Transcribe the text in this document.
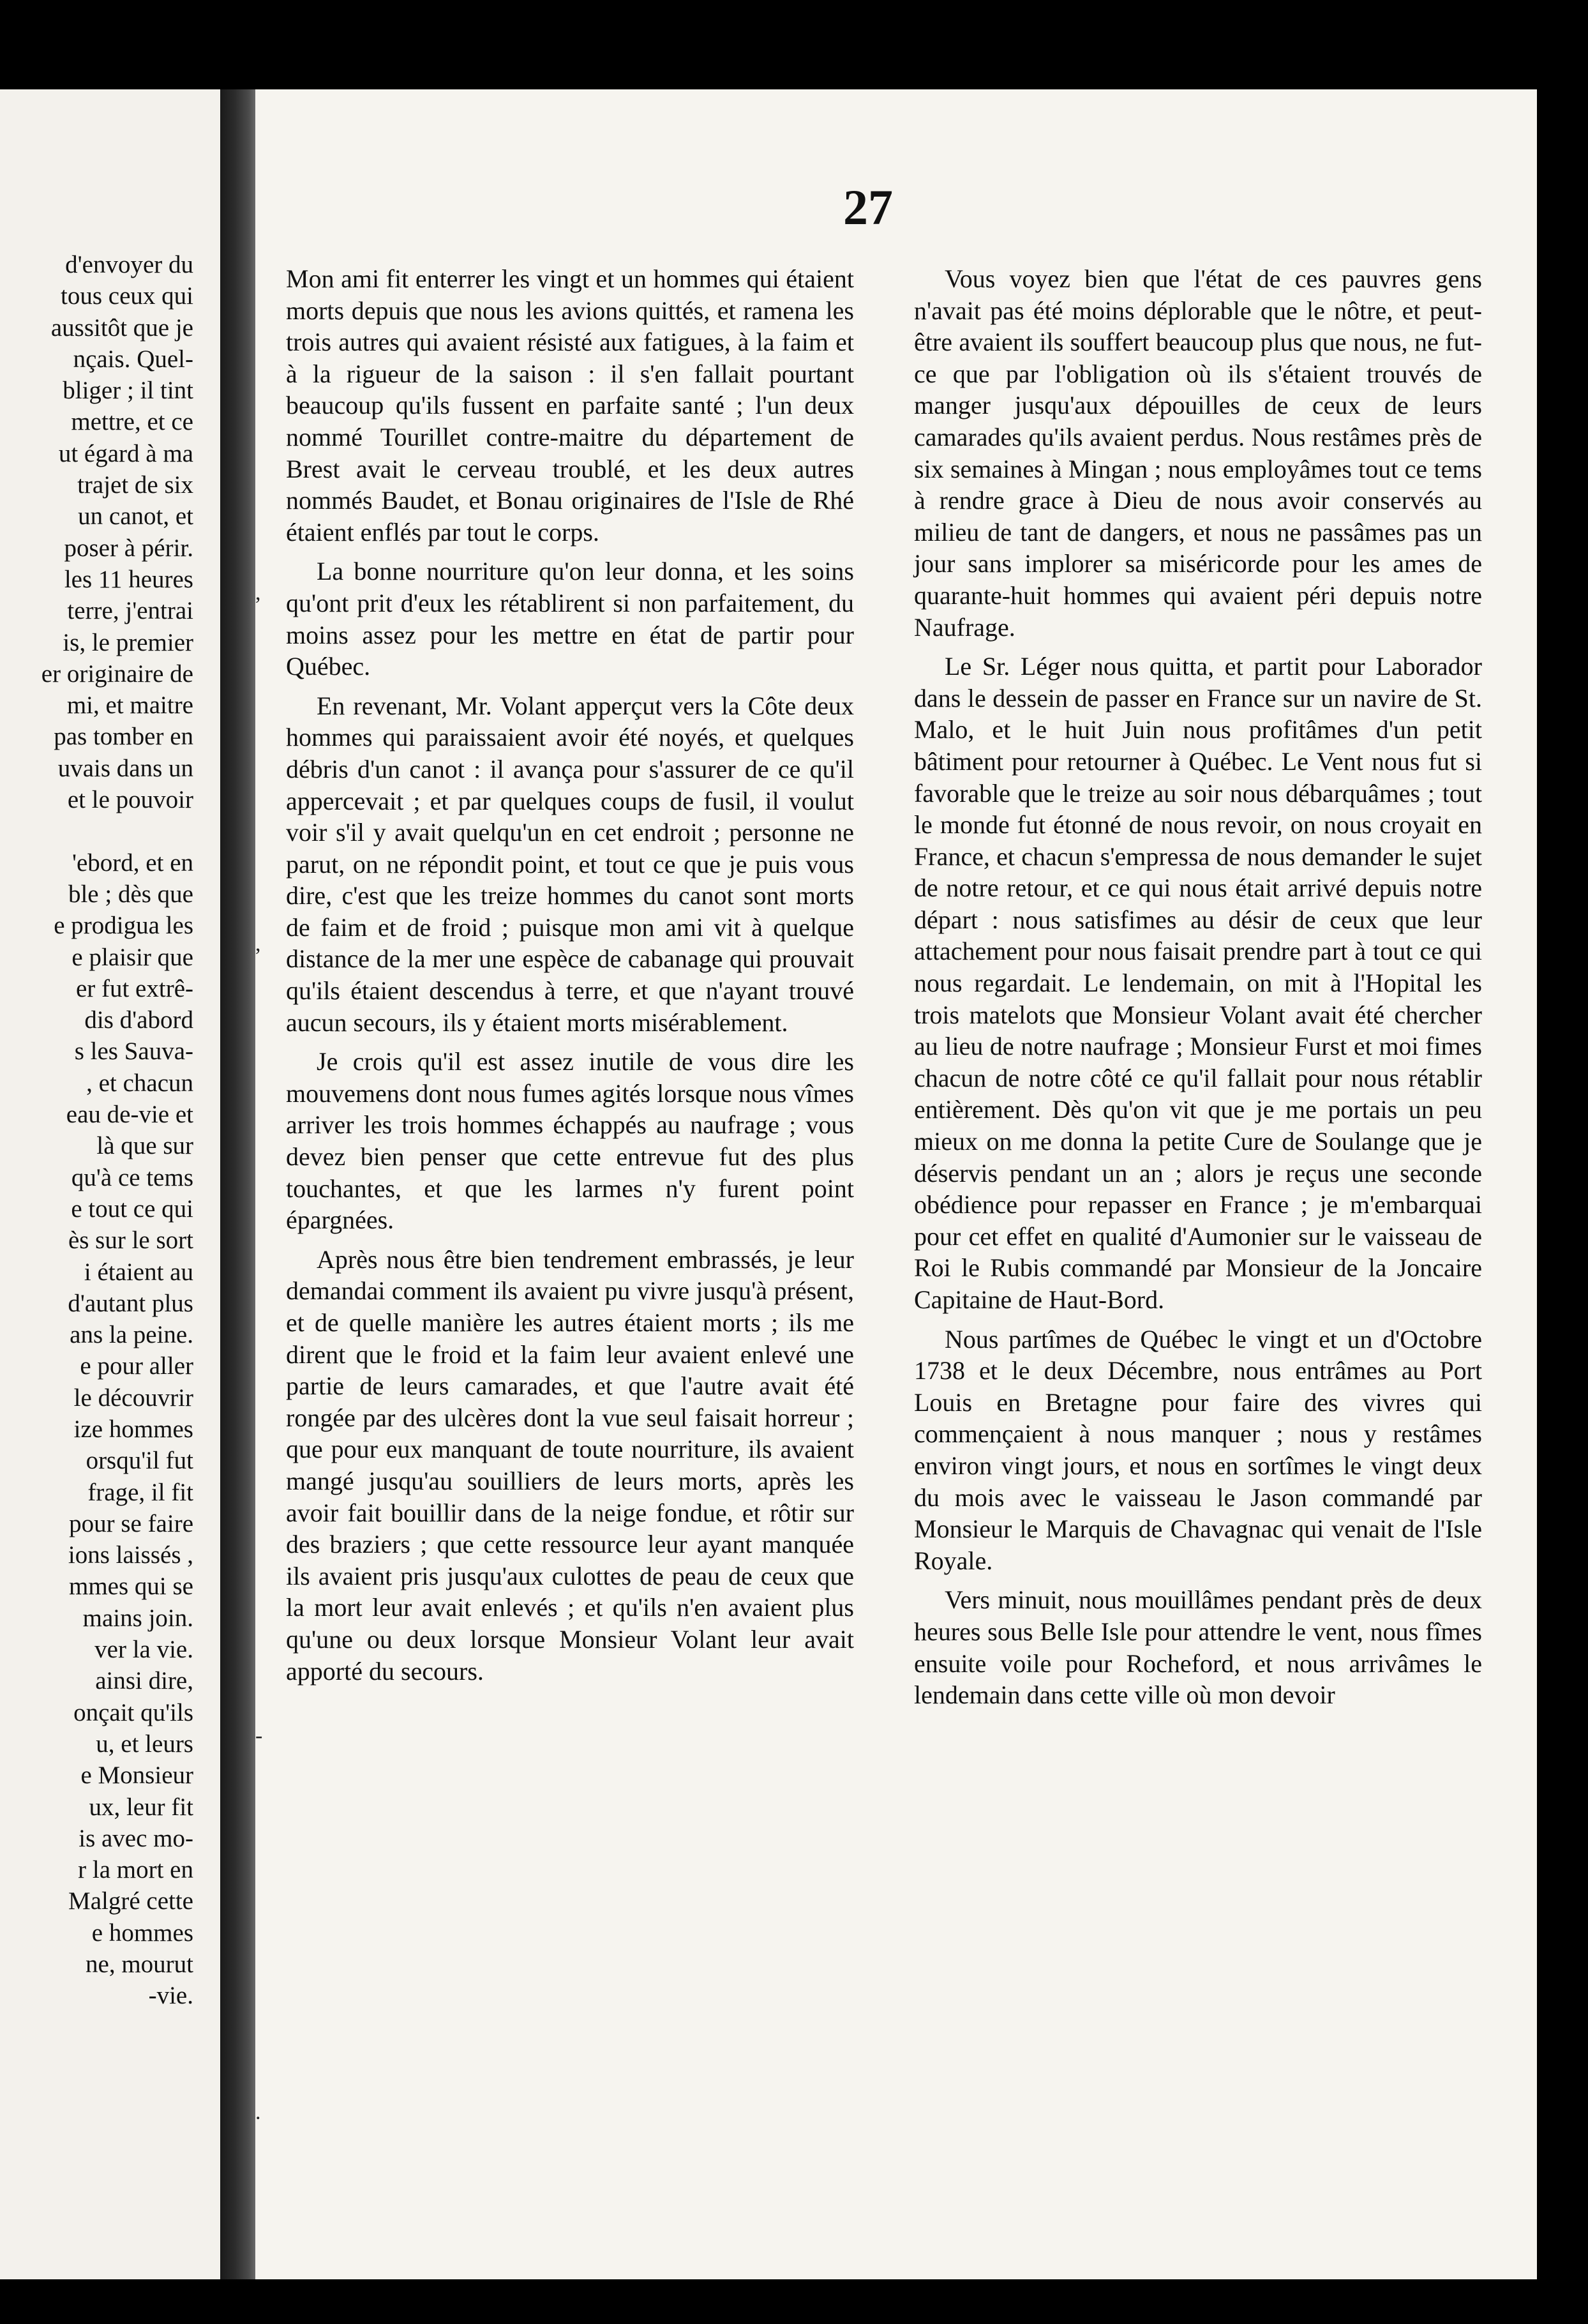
d'envoyer du
tous ceux qui
aussitôt que je
nçais. Quel-
bliger ; il tint
mettre, et ce
ut égard à ma
trajet de six
un canot, et
poser à périr.
les 11 heures
terre, j'entrai
is, le premier
er originaire de
mi, et maitre
pas tomber en
uvais dans un
et le pouvoir
'ebord, et en
ble ; dès que
e prodigua les
e plaisir que
er fut extrê-
dis d'abord
s les Sauva-
, et chacun
eau de-vie et
là que sur
qu'à ce tems
e tout ce qui
ès sur le sort
i étaient au
d'autant plus
ans la peine.
e pour aller
le découvrir
ize hommes
orsqu'il fut
frage, il fit
pour se faire
ions laissés ,
mmes qui se
mains join.
ver la vie.
ainsi dire,
onçait qu'ils
u, et leurs
e Monsieur
ux, leur fit
is avec mo-
r la mort en
Malgré cette
e hommes
ne, mourut
-vie.
27

Mon ami fit enterrer les vingt et un hommes qui étaient morts depuis que nous les avions quittés, et ramena les trois autres qui avaient résisté aux fatigues, à la faim et à la rigueur de la saison : il s'en fallait pourtant beaucoup qu'ils fussent en parfaite santé ; l'un deux nommé Tourillet contre-maitre du département de Brest avait le cerveau troublé, et les deux autres nommés Baudet, et Bonau originaires de l'Isle de Rhé étaient enflés par tout le corps.

La bonne nourriture qu'on leur donna, et les soins qu'ont prit d'eux les rétablirent si non parfaitement, du moins assez pour les mettre en état de partir pour Québec.

En revenant, Mr. Volant apperçut vers la Côte deux hommes qui paraissaient avoir été noyés, et quelques débris d'un canot : il avança pour s'assurer de ce qu'il appercevait ; et par quelques coups de fusil, il voulut voir s'il y avait quelqu'un en cet endroit ; personne ne parut, on ne répondit point, et tout ce que je puis vous dire, c'est que les treize hommes du canot sont morts de faim et de froid ; puisque mon ami vit à quelque distance de la mer une espèce de cabanage qui prouvait qu'ils étaient descendus à terre, et que n'ayant trouvé aucun secours, ils y étaient morts misérablement.

Je crois qu'il est assez inutile de vous dire les mouvemens dont nous fumes agités lorsque nous vîmes arriver les trois hommes échappés au naufrage ; vous devez bien penser que cette entrevue fut des plus touchantes, et que les larmes n'y furent point épargnées.

Après nous être bien tendrement embrassés, je leur demandai comment ils avaient pu vivre jusqu'à présent, et de quelle manière les autres étaient morts ; ils me dirent que le froid et la faim leur avaient enlevé une partie de leurs camarades, et que l'autre avait été rongée par des ulcères dont la vue seul faisait horreur ; que pour eux manquant de toute nourriture, ils avaient mangé jusqu'au souilliers de leurs morts, après les avoir fait bouillir dans de la neige fondue, et rôtir sur des braziers ; que cette ressource leur ayant manquée ils avaient pris jusqu'aux culottes de peau de ceux que la mort leur avait enlevés ; et qu'ils n'en avaient plus qu'une ou deux lorsque Monsieur Volant leur avait apporté du secours.

Vous voyez bien que l'état de ces pauvres gens n'avait pas été moins déplorable que le nôtre, et peut-être avaient ils souffert beaucoup plus que nous, ne fut-ce que par l'obligation où ils s'étaient trouvés de manger jusqu'aux dépouilles de ceux de leurs camarades qu'ils avaient perdus. Nous restâmes près de six semaines à Mingan ; nous employâmes tout ce tems à rendre grace à Dieu de nous avoir conservés au milieu de tant de dangers, et nous ne passâmes pas un jour sans implorer sa miséricorde pour les ames de quarante-huit hommes qui avaient péri depuis notre Naufrage.

Le Sr. Léger nous quitta, et partit pour Laborador dans le dessein de passer en France sur un navire de St. Malo, et le huit Juin nous profitâmes d'un petit bâtiment pour retourner à Québec. Le Vent nous fut si favorable que le treize au soir nous débarquâmes ; tout le monde fut étonné de nous revoir, on nous croyait en France, et chacun s'empressa de nous demander le sujet de notre retour, et ce qui nous était arrivé depuis notre départ : nous satisfimes au désir de ceux que leur attachement pour nous faisait prendre part à tout ce qui nous regardait. Le lendemain, on mit à l'Hopital les trois matelots que Monsieur Volant avait été chercher au lieu de notre naufrage ; Monsieur Furst et moi fimes chacun de notre côté ce qu'il fallait pour nous rétablir entièrement. Dès qu'on vit que je me portais un peu mieux on me donna la petite Cure de Soulange que je déservis pendant un an ; alors je reçus une seconde obédience pour repasser en France ; je m'embarquai pour cet effet en qualité d'Aumonier sur le vaisseau de Roi le Rubis commandé par Monsieur de la Joncaire Capitaine de Haut-Bord.

Nous partîmes de Québec le vingt et un d'Octobre 1738 et le deux Décembre, nous entrâmes au Port Louis en Bretagne pour faire des vivres qui commençaient à nous manquer ; nous y restâmes environ vingt jours, et nous en sortîmes le vingt deux du mois avec le vaisseau le Jason commandé par Monsieur le Marquis de Chavagnac qui venait de l'Isle Royale.

Vers minuit, nous mouillâmes pendant près de deux heures sous Belle Isle pour attendre le vent, nous fîmes ensuite voile pour Rocheford, et nous arrivâmes le lendemain dans cette ville où mon devoir

,
,
-
.
